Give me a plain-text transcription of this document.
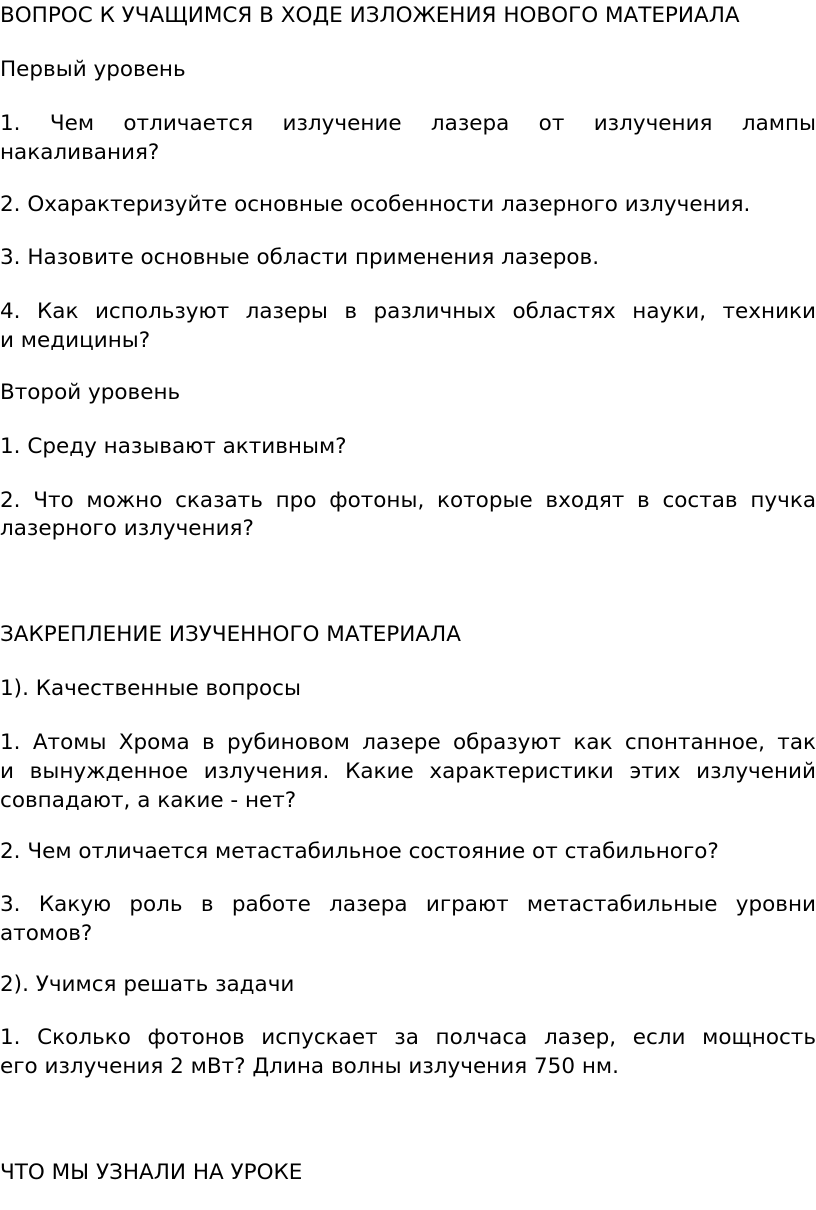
ВОПРОС К УЧАЩИМСЯ В ХОДЕ ИЗЛОЖЕНИЯ НОВОГО МАТЕРИАЛА

Первый уровень

1. Чем отличается излучение лазера от излучения лампы

накаливания?

2. Охарактеризуйте основные особенности лазерного излучения.

3. Назовите основные области применения лазеров.

4. Как используют лазеры в различных областях науки, техники

и медицины?

Второй уровень

1. Среду называют активным?

2. Что можно сказать про фотоны, которые входят в состав пучка

лазерного излучения?

ЗАКРЕПЛЕНИЕ ИЗУЧЕННОГО МАТЕРИАЛА

1). Качественные вопросы

1. Атомы Хрома в рубиновом лазере образуют как спонтанное, так

и вынужденное излучения. Какие характеристики этих излучений

совпадают, а какие - нет?

2. Чем отличается метастабильное состояние от стабильного?

3. Какую роль в работе лазера играют метастабильные уровни

атомов?

2). Учимся решать задачи

1. Сколько фотонов испускает за полчаса лазер, если мощность

его излучения 2 мВт? Длина волны излучения 750 нм.

ЧТО МЫ УЗНАЛИ НА УРОКЕ
